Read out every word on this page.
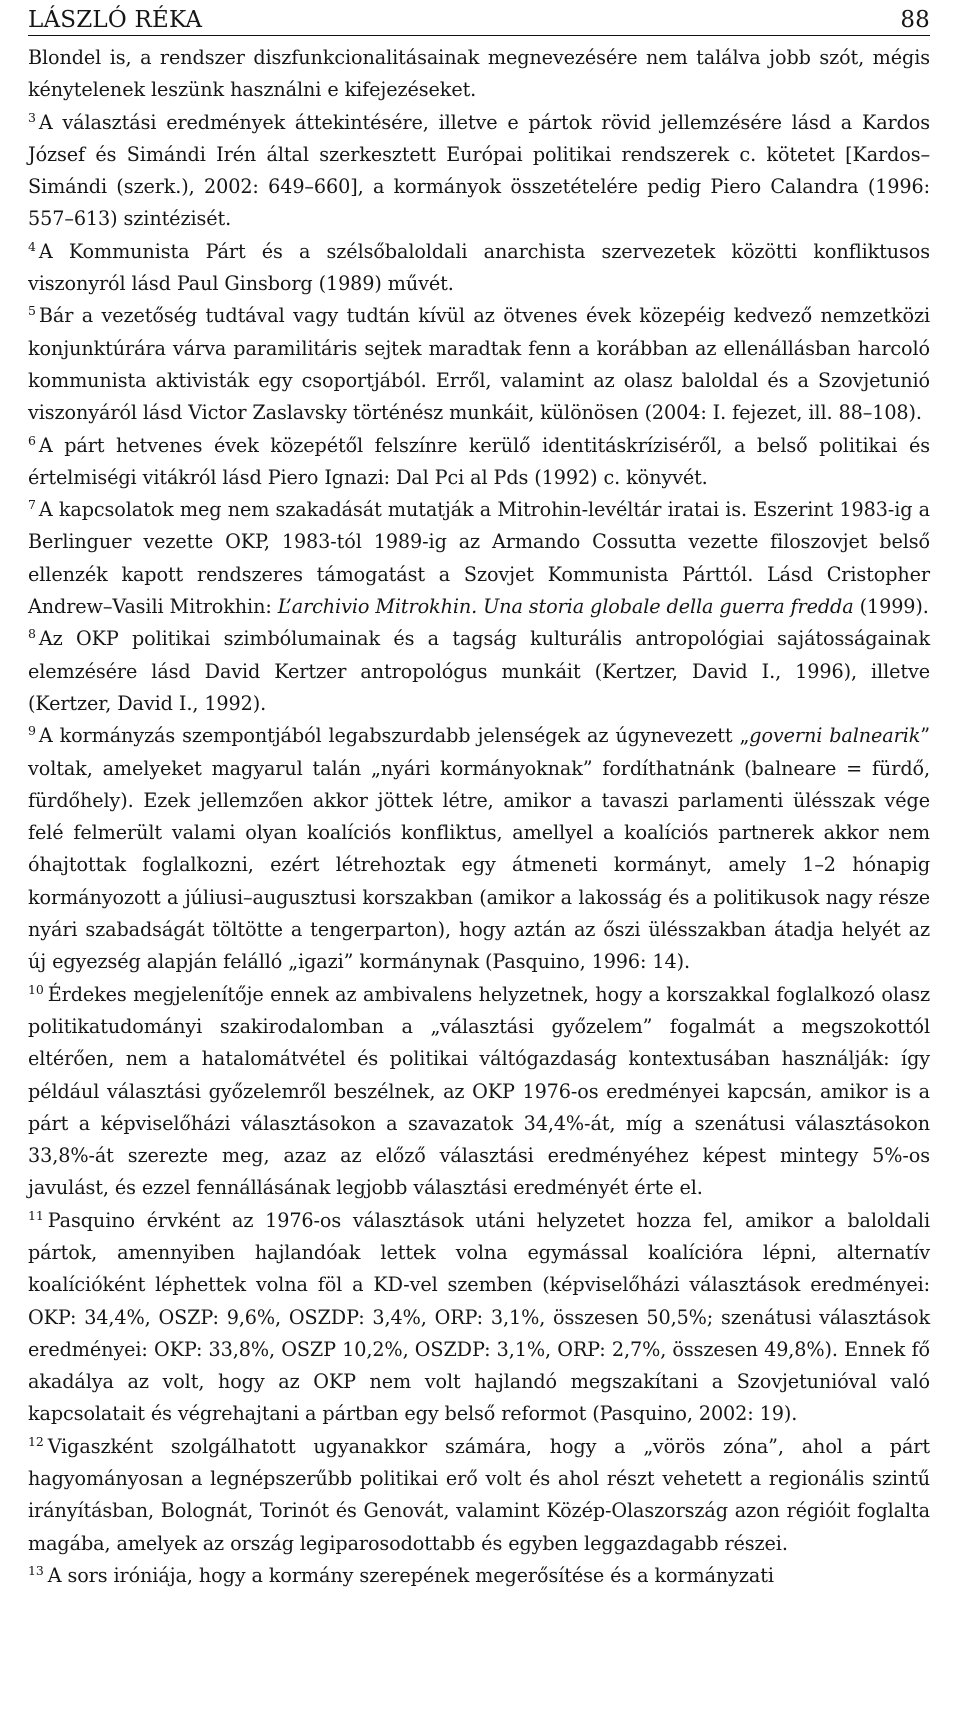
LÁSZLÓ RÉKA	88

Blondel is, a rendszer diszfunkcionalitásainak megnevezésére nem találva jobb szót, mégis kénytelenek leszünk használni e kifejezéseket.

3 A választási eredmények áttekintésére, illetve e pártok rövid jellemzésére lásd a Kardos József és Simándi Irén által szerkesztett Európai politikai rendszerek c. kötetet [Kardos–Simándi (szerk.), 2002: 649–660], a kormányok összetételére pedig Piero Calandra (1996: 557–613) szintézisét.

4 A Kommunista Párt és a szélsőbaloldali anarchista szervezetek közötti konfliktusos viszonyról lásd Paul Ginsborg (1989) művét.

5 Bár a vezetőség tudtával vagy tudtán kívül az ötvenes évek közepéig kedvező nemzetközi konjunktúrára várva paramilitáris sejtek maradtak fenn a korábban az ellenállásban harcoló kommunista aktivisták egy csoportjából. Erről, valamint az olasz baloldal és a Szovjetunió viszonyáról lásd Victor Zaslavsky történész munkáit, különösen (2004: I. fejezet, ill. 88–108).

6 A párt hetvenes évek közepétől felszínre kerülő identitáskríziséről, a belső politikai és értelmiségi vitákról lásd Piero Ignazi: Dal Pci al Pds (1992) c. könyvét.

7 A kapcsolatok meg nem szakadását mutatják a Mitrohin-levéltár iratai is. Eszerint 1983-ig a Berlinguer vezette OKP, 1983-tól 1989-ig az Armando Cossutta vezette filoszovjet belső ellenzék kapott rendszeres támogatást a Szovjet Kommunista Párttól. Lásd Cristopher Andrew–Vasili Mitrokhin: L’archivio Mitrokhin. Una storia globale della guerra fredda (1999).

8 Az OKP politikai szimbólumainak és a tagság kulturális antropológiai sajátosságainak elemzésére lásd David Kertzer antropológus munkáit (Kertzer, David I., 1996), illetve (Kertzer, David I., 1992).

9 A kormányzás szempontjából legabszurdabb jelenségek az úgynevezett „governi balnearik” voltak, amelyeket magyarul talán „nyári kormányoknak” fordíthatnánk (balneare = fürdő, fürdőhely). Ezek jellemzően akkor jöttek létre, amikor a tavaszi parlamenti ülésszak vége felé felmerült valami olyan koalíciós konfliktus, amellyel a koalíciós partnerek akkor nem óhajtottak foglalkozni, ezért létrehoztak egy átmeneti kormányt, amely 1–2 hónapig kormányozott a júliusi–augusztusi korszakban (amikor a lakosság és a politikusok nagy része nyári szabadságát töltötte a tengerparton), hogy aztán az őszi ülésszakban átadja helyét az új egyezség alapján felálló „igazi” kormánynak (Pasquino, 1996: 14).

10 Érdekes megjelenítője ennek az ambivalens helyzetnek, hogy a korszakkal foglalkozó olasz politikatudományi szakirodalomban a „választási győzelem” fogalmát a megszokottól eltérően, nem a hatalomátvétel és politikai váltógazdaság kontextusában használják: így például választási győzelemről beszélnek, az OKP 1976-os eredményei kapcsán, amikor is a párt a képviselőházi választásokon a szavazatok 34,4%-át, míg a szenátusi választásokon 33,8%-át szerezte meg, azaz az előző választási eredményéhez képest mintegy 5%-os javulást, és ezzel fennállásának legjobb választási eredményét érte el.

11 Pasquino érvként az 1976-os választások utáni helyzetet hozza fel, amikor a baloldali pártok, amennyiben hajlandóak lettek volna egymással koalícióra lépni, alternatív koalícióként léphettek volna föl a KD-vel szemben (képviselőházi választások eredményei: OKP: 34,4%, OSZP: 9,6%, OSZDP: 3,4%, ORP: 3,1%, összesen 50,5%; szenátusi választások eredményei: OKP: 33,8%, OSZP 10,2%, OSZDP: 3,1%, ORP: 2,7%, összesen 49,8%). Ennek fő akadálya az volt, hogy az OKP nem volt hajlandó megszakítani a Szovjetunióval való kapcsolatait és végrehajtani a pártban egy belső reformot (Pasquino, 2002: 19).

12 Vigaszként szolgálhatott ugyanakkor számára, hogy a „vörös zóna”, ahol a párt hagyományosan a legnépszerűbb politikai erő volt és ahol részt vehetett a regionális szintű irányításban, Bolognát, Torinót és Genovát, valamint Közép-Olaszország azon régióit foglalta magába, amelyek az ország legiparosodottabb és egyben leggazdagabb részei.

13 A sors iróniája, hogy a kormány szerepének megerősítése és a kormányzati
